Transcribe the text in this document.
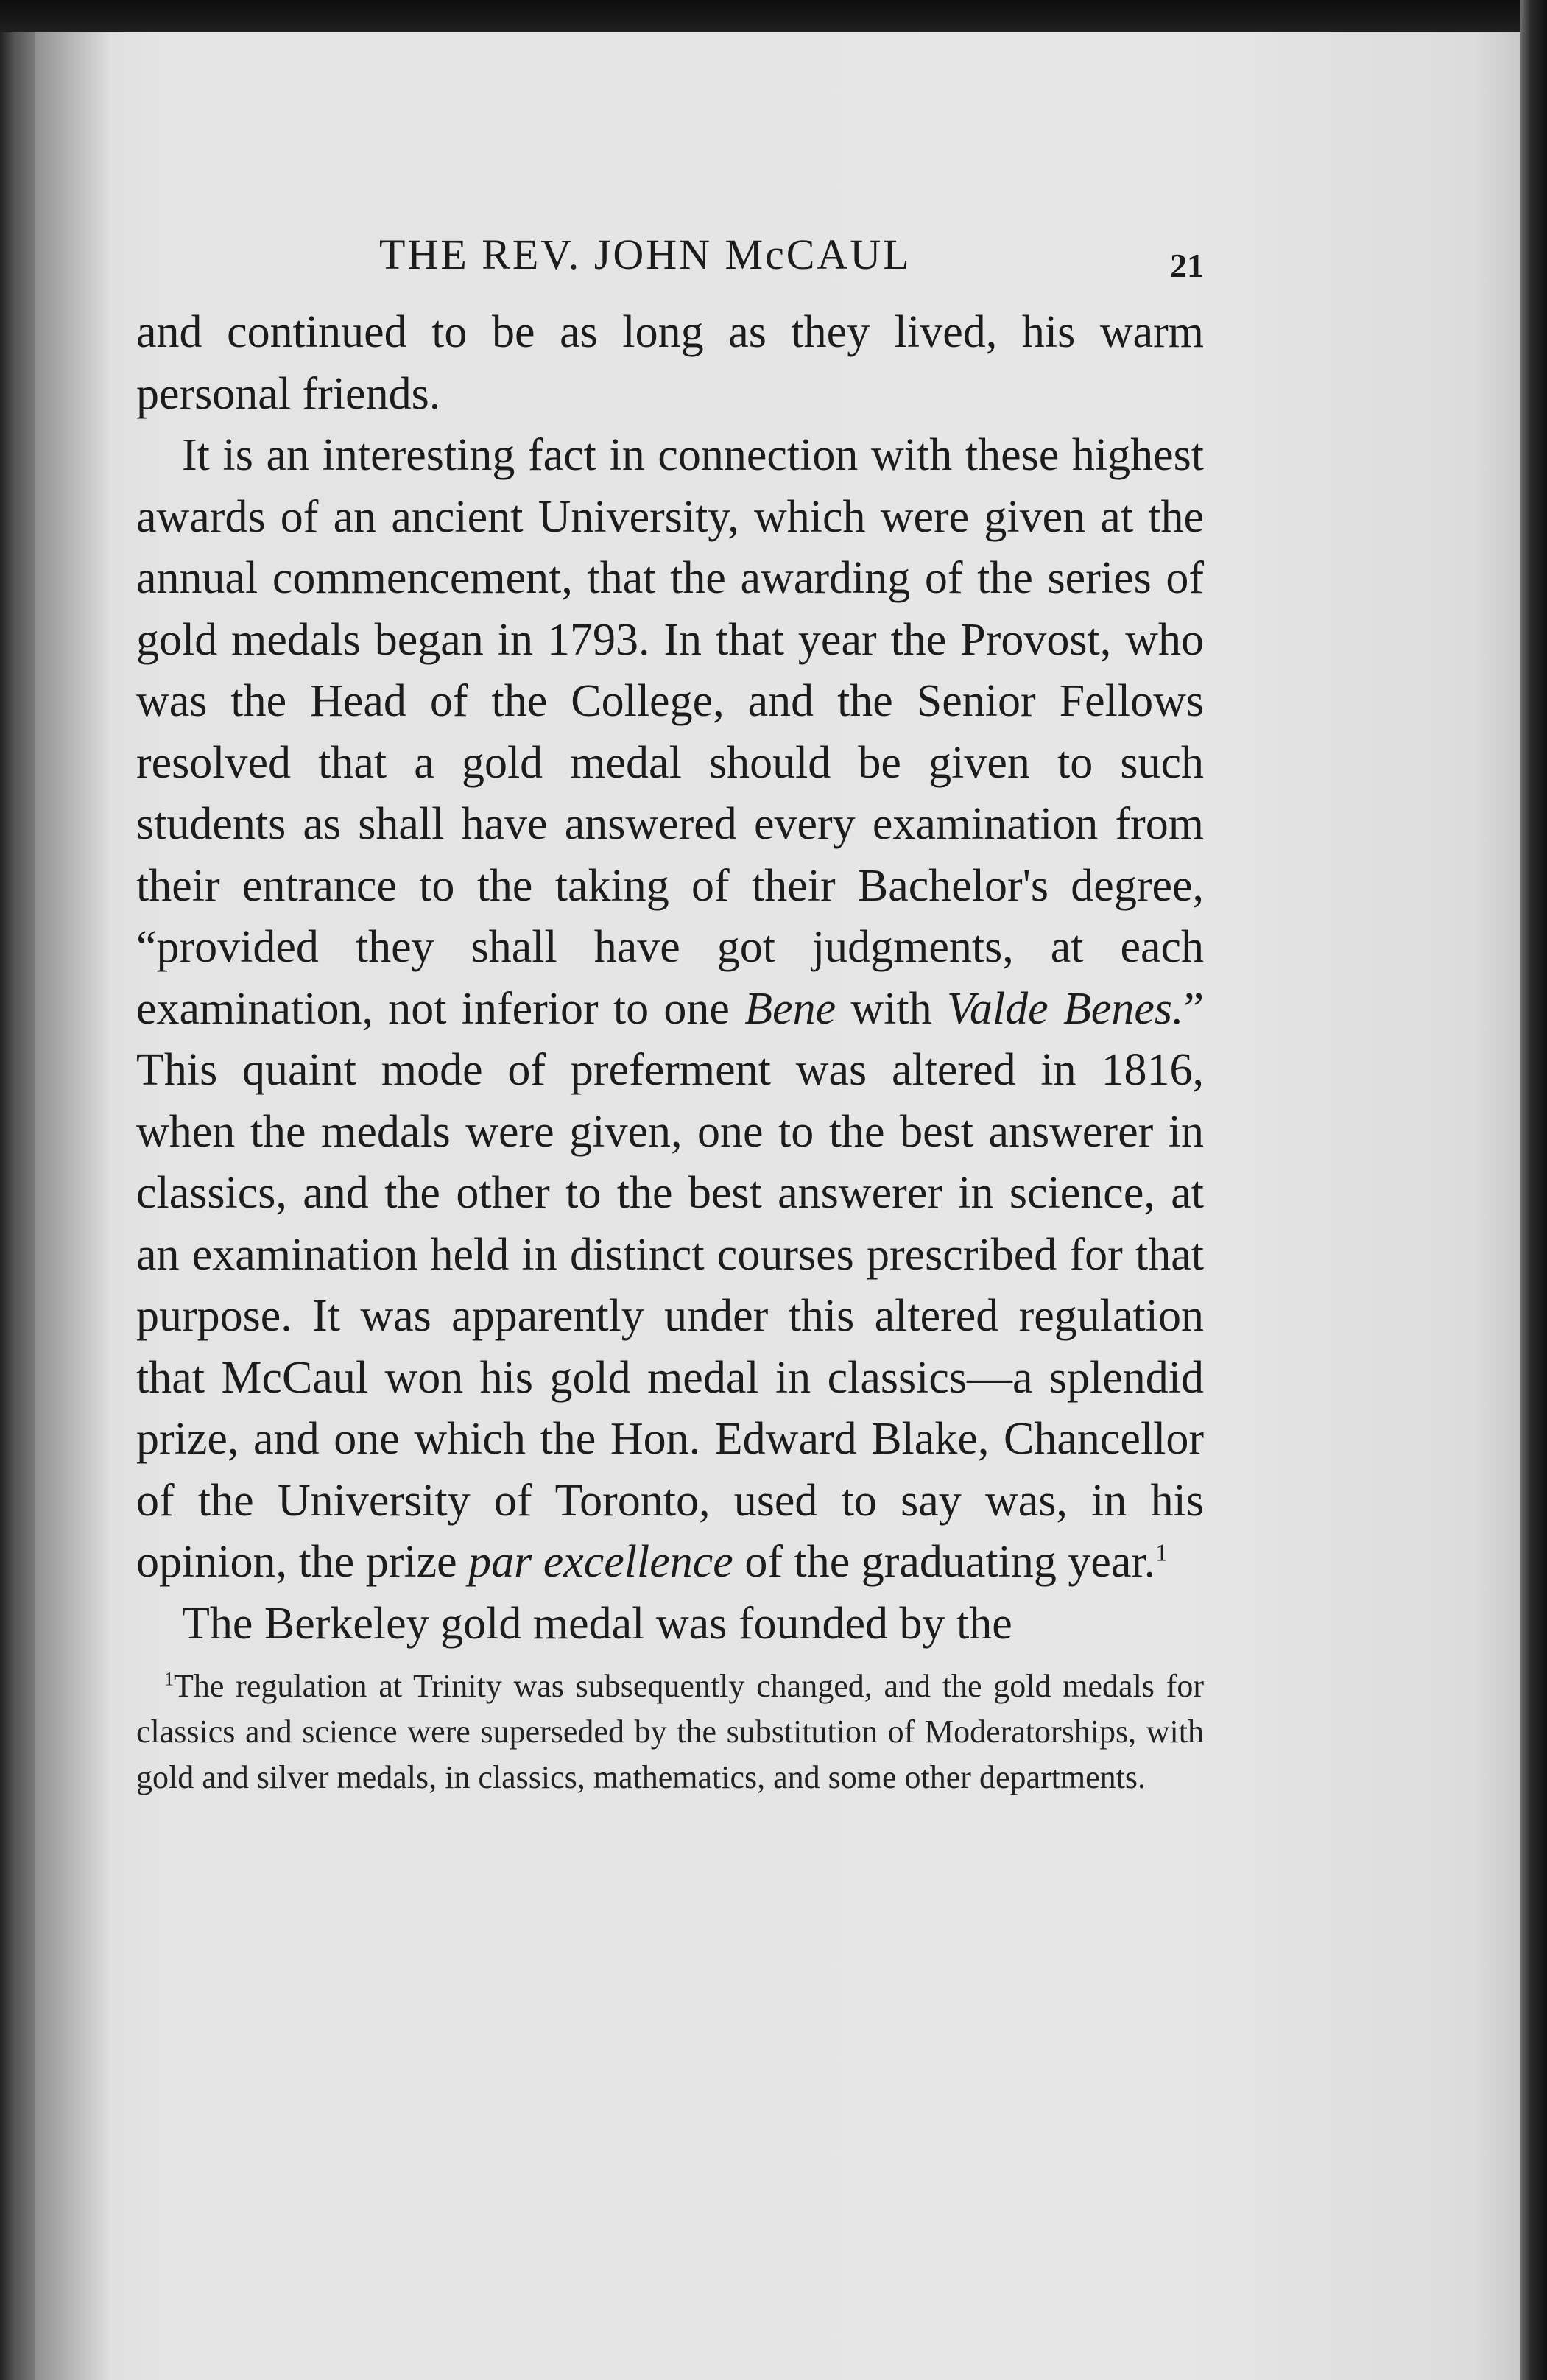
THE REV. JOHN McCAUL	21

and continued to be as long as they lived, his warm personal friends.

It is an interesting fact in connection with these highest awards of an ancient University, which were given at the annual commencement, that the awarding of the series of gold medals began in 1793. In that year the Provost, who was the Head of the College, and the Senior Fellows resolved that a gold medal should be given to such students as shall have answered every examination from their entrance to the taking of their Bachelor's degree, “provided they shall have got judgments, at each examination, not inferior to one Bene with Valde Benes.” This quaint mode of preferment was altered in 1816, when the medals were given, one to the best answerer in classics, and the other to the best answerer in science, at an examination held in distinct courses prescribed for that purpose. It was apparently under this altered regulation that McCaul won his gold medal in classics—a splendid prize, and one which the Hon. Edward Blake, Chancellor of the University of Toronto, used to say was, in his opinion, the prize par excellence of the graduating year.$^1$

The Berkeley gold medal was founded by the

$^1$The regulation at Trinity was subsequently changed, and the gold medals for classics and science were superseded by the substitution of Moderatorships, with gold and silver medals, in classics, mathematics, and some other departments.
